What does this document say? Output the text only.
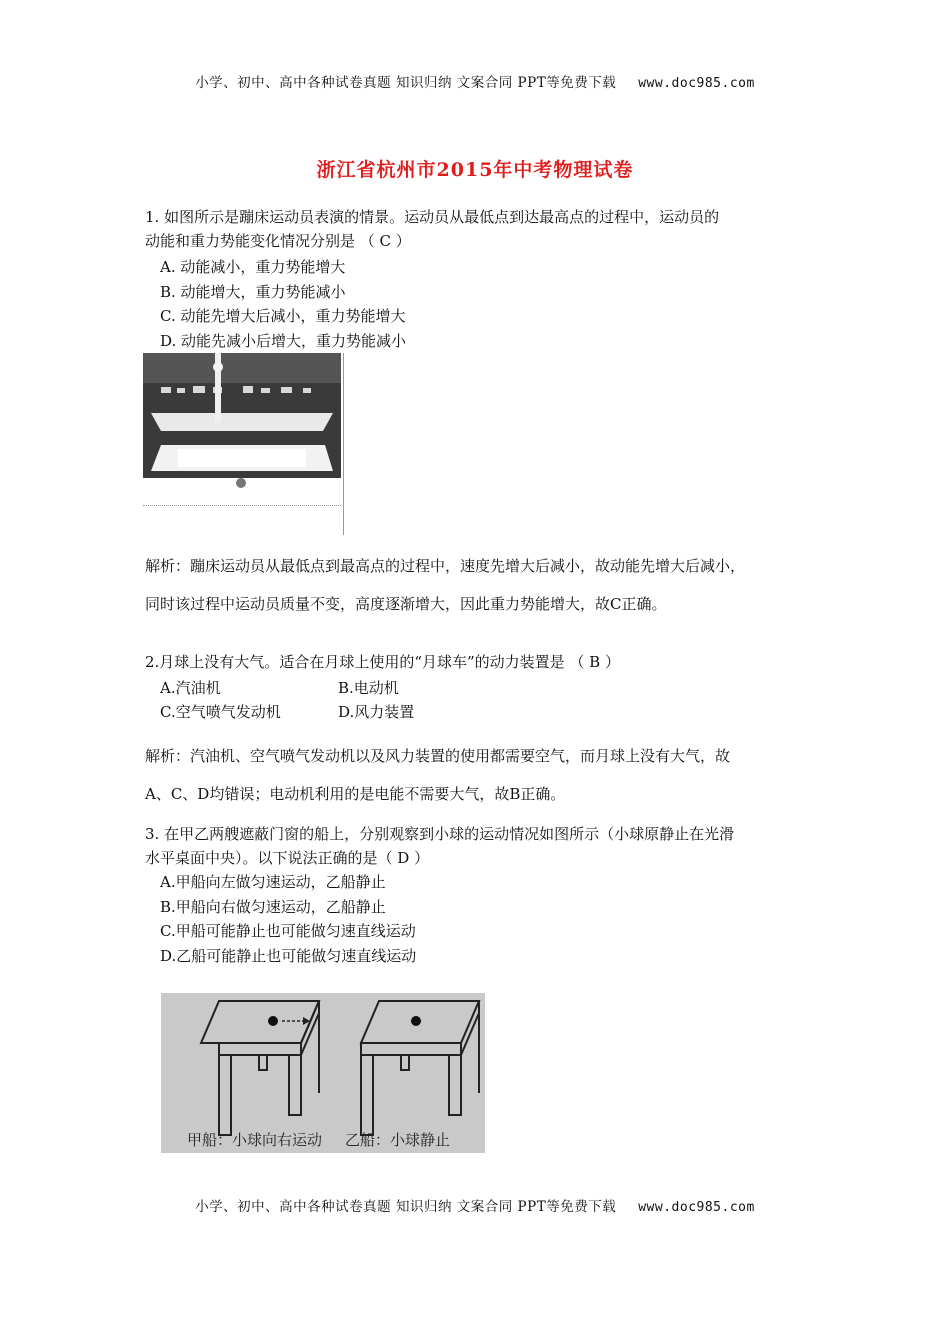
小学、初中、高中各种试卷真题 知识归纳 文案合同 PPT等免费下载 www.doc985.com
浙江省杭州市2015年中考物理试卷
1. 如图所示是蹦床运动员表演的情景。运动员从最低点到达最高点的过程中，运动员的
动能和重力势能变化情况分别是 （ C ）
A. 动能减小，重力势能增大
B. 动能增大，重力势能减小
C. 动能先增大后减小，重力势能增大
D. 动能先减小后增大，重力势能减小
解析：蹦床运动员从最低点到最高点的过程中，速度先增大后减小，故动能先增大后减小，
同时该过程中运动员质量不变，高度逐渐增大，因此重力势能增大，故C正确。
2.月球上没有大气。适合在月球上使用的“月球车”的动力装置是 （ B ）
A.汽油机	B.电动机
C.空气喷气发动机	D.风力装置
解析：汽油机、空气喷气发动机以及风力装置的使用都需要空气，而月球上没有大气，故
A、C、D均错误；电动机利用的是电能不需要大气，故B正确。
3. 在甲乙两艘遮蔽门窗的船上，分别观察到小球的运动情况如图所示（小球原静止在光滑
水平桌面中央）。以下说法正确的是（ D ）
A.甲船向左做匀速运动，乙船静止
B.甲船向右做匀速运动，乙船静止
C.甲船可能静止也可能做匀速直线运动
D.乙船可能静止也可能做匀速直线运动
甲船：小球向右运动 乙船：小球静止
小学、初中、高中各种试卷真题 知识归纳 文案合同 PPT等免费下载 www.doc985.com
